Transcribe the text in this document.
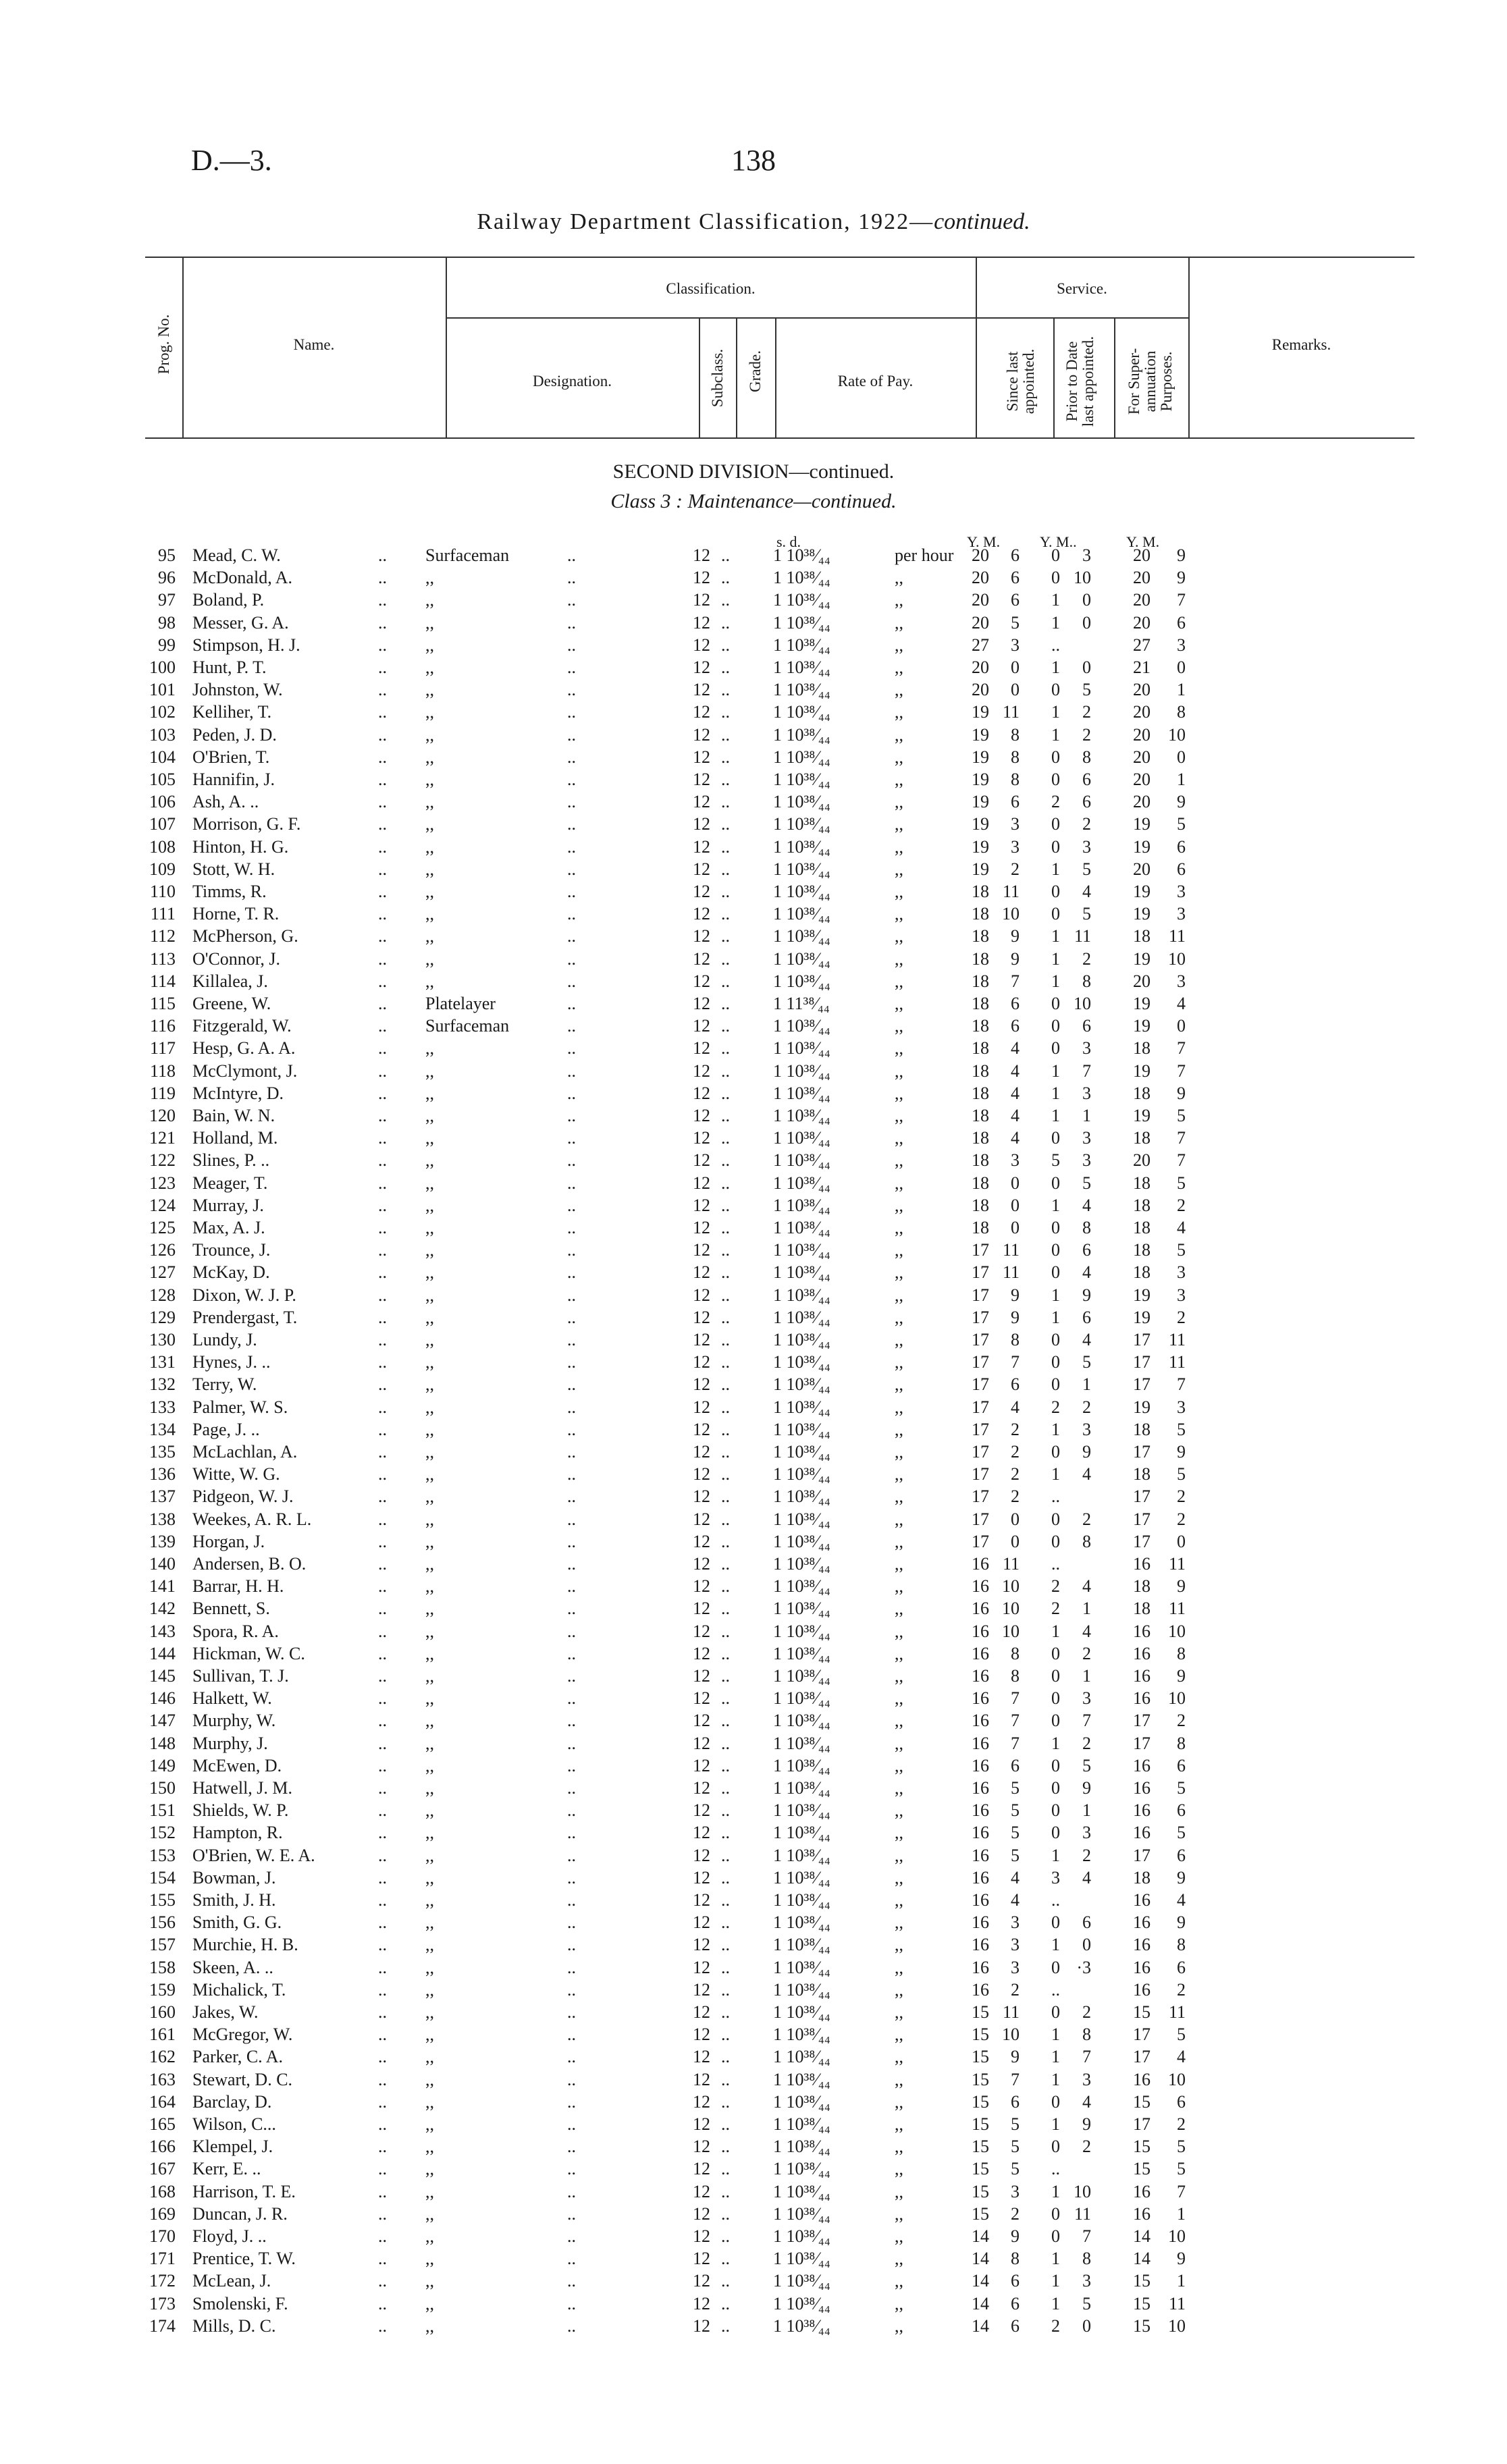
D.—3.	138
Railway Department Classification, 1922—continued.
Prog. No.	Name.
Classification.
Designation.	Subclass. Grade.	Rate of Pay.
Service.
Since last appointed. Prior to Date last appointed. For Super-annuation Purposes.
Remarks.
SECOND DIVISION—continued.
Class 3 : Maintenance—continued.
s. d.	Y. M.	Y. M..	Y. M.
95 Mead, C. W.	.. Surfaceman	..	12 .. 1 10³⁸⁄₄₄	per hour	20	6	0	3	20	9
96 McDonald, A.	.. ,,	..	12 .. 1 10³⁸⁄₄₄	,,	20	6	0 10	20	9
97 Boland, P.	.. ,,	..	12 .. 1 10³⁸⁄₄₄	,,	20	6	1	0	20	7
98 Messer, G. A.	.. ,,	..	12 .. 1 10³⁸⁄₄₄	,,	20	5	1	0	20	6
99 Stimpson, H. J.	.. ,,	..	12 .. 1 10³⁸⁄₄₄	,,	27	3	..	27	3
100 Hunt, P. T.	.. ,,	..	12 .. 1 10³⁸⁄₄₄	,,	20	0	1	0	21	0
101 Johnston, W.	.. ,,	..	12 .. 1 10³⁸⁄₄₄	,,	20	0	0	5	20	1
102 Kelliher, T.	.. ,,	..	12 .. 1 10³⁸⁄₄₄	,,	19 11	1	2	20	8
103 Peden, J. D.	.. ,,	..	12 .. 1 10³⁸⁄₄₄	,,	19	8	1	2	20	10
104 O'Brien, T.	.. ,,	..	12 .. 1 10³⁸⁄₄₄	,,	19	8	0	8	20	0
105 Hannifin, J.	.. ,,	..	12 .. 1 10³⁸⁄₄₄	,,	19	8	0	6	20	1
106 Ash, A. ..	.. ,,	..	12 .. 1 10³⁸⁄₄₄	,,	19	6	2	6	20	9
107 Morrison, G. F.	.. ,,	..	12 .. 1 10³⁸⁄₄₄	,,	19	3	0	2	19	5
108 Hinton, H. G.	.. ,,	..	12 .. 1 10³⁸⁄₄₄	,,	19	3	0	3	19	6
109 Stott, W. H.	.. ,,	..	12 .. 1 10³⁸⁄₄₄	,,	19	2	1	5	20	6
110 Timms, R.	.. ,,	..	12 .. 1 10³⁸⁄₄₄	,,	18 11	0	4	19	3
111 Horne, T. R.	.. ,,	..	12 .. 1 10³⁸⁄₄₄	,,	18 10	0	5	19	3
112 McPherson, G.	.. ,,	..	12 .. 1 10³⁸⁄₄₄	,,	18	9	1 11	18	11
113 O'Connor, J.	.. ,,	..	12 .. 1 10³⁸⁄₄₄	,,	18	9	1	2	19	10
114 Killalea, J.	.. ,,	..	12 .. 1 10³⁸⁄₄₄	,,	18	7	1	8	20	3
115 Greene, W.	.. Platelayer	..	12 .. 1 11³⁸⁄₄₄	,,	18	6	0 10	19	4
116 Fitzgerald, W.	.. Surfaceman	..	12 .. 1 10³⁸⁄₄₄	,,	18	6	0	6	19	0
117 Hesp, G. A. A.	.. ,,	..	12 .. 1 10³⁸⁄₄₄	,,	18	4	0	3	18	7
118 McClymont, J.	.. ,,	..	12 .. 1 10³⁸⁄₄₄	,,	18	4	1	7	19	7
119 McIntyre, D.	.. ,,	..	12 .. 1 10³⁸⁄₄₄	,,	18	4	1	3	18	9
120 Bain, W. N.	.. ,,	..	12 .. 1 10³⁸⁄₄₄	,,	18	4	1	1	19	5
121 Holland, M.	.. ,,	..	12 .. 1 10³⁸⁄₄₄	,,	18	4	0	3	18	7
122 Slines, P. ..	.. ,,	..	12 .. 1 10³⁸⁄₄₄	,,	18	3	5	3	20	7
123 Meager, T.	.. ,,	..	12 .. 1 10³⁸⁄₄₄	,,	18	0	0	5	18	5
124 Murray, J.	.. ,,	..	12 .. 1 10³⁸⁄₄₄	,,	18	0	1	4	18	2
125 Max, A. J.	.. ,,	..	12 .. 1 10³⁸⁄₄₄	,,	18	0	0	8	18	4
126 Trounce, J.	.. ,,	..	12 .. 1 10³⁸⁄₄₄	,,	17 11	0	6	18	5
127 McKay, D.	.. ,,	..	12 .. 1 10³⁸⁄₄₄	,,	17 11	0	4	18	3
128 Dixon, W. J. P.	.. ,,	..	12 .. 1 10³⁸⁄₄₄	,,	17	9	1	9	19	3
129 Prendergast, T.	.. ,,	..	12 .. 1 10³⁸⁄₄₄	,,	17	9	1	6	19	2
130 Lundy, J.	.. ,,	..	12 .. 1 10³⁸⁄₄₄	,,	17	8	0	4	17	11
131 Hynes, J. ..	.. ,,	..	12 .. 1 10³⁸⁄₄₄	,,	17	7	0	5	17	11
132 Terry, W.	.. ,,	..	12 .. 1 10³⁸⁄₄₄	,,	17	6	0	1	17	7
133 Palmer, W. S.	.. ,,	..	12 .. 1 10³⁸⁄₄₄	,,	17	4	2	2	19	3
134 Page, J. ..	.. ,,	..	12 .. 1 10³⁸⁄₄₄	,,	17	2	1	3	18	5
135 McLachlan, A.	.. ,,	..	12 .. 1 10³⁸⁄₄₄	,,	17	2	0	9	17	9
136 Witte, W. G.	.. ,,	..	12 .. 1 10³⁸⁄₄₄	,,	17	2	1	4	18	5
137 Pidgeon, W. J.	.. ,,	..	12 .. 1 10³⁸⁄₄₄	,,	17	2	..	17	2
138 Weekes, A. R. L.	.. ,,	..	12 .. 1 10³⁸⁄₄₄	,,	17	0	0	2	17	2
139 Horgan, J.	.. ,,	..	12 .. 1 10³⁸⁄₄₄	,,	17	0	0	8	17	0
140 Andersen, B. O.	.. ,,	..	12 .. 1 10³⁸⁄₄₄	,,	16 11	..	16	11
141 Barrar, H. H.	.. ,,	..	12 .. 1 10³⁸⁄₄₄	,,	16 10	2	4	18	9
142 Bennett, S.	.. ,,	..	12 .. 1 10³⁸⁄₄₄	,,	16 10	2	1	18	11
143 Spora, R. A.	.. ,,	..	12 .. 1 10³⁸⁄₄₄	,,	16 10	1	4	16	10
144 Hickman, W. C.	.. ,,	..	12 .. 1 10³⁸⁄₄₄	,,	16	8	0	2	16	8
145 Sullivan, T. J.	.. ,,	..	12 .. 1 10³⁸⁄₄₄	,,	16	8	0	1	16	9
146 Halkett, W.	.. ,,	..	12 .. 1 10³⁸⁄₄₄	,,	16	7	0	3	16	10
147 Murphy, W.	.. ,,	..	12 .. 1 10³⁸⁄₄₄	,,	16	7	0	7	17	2
148 Murphy, J.	.. ,,	..	12 .. 1 10³⁸⁄₄₄	,,	16	7	1	2	17	8
149 McEwen, D.	.. ,,	..	12 .. 1 10³⁸⁄₄₄	,,	16	6	0	5	16	6
150 Hatwell, J. M.	.. ,,	..	12 .. 1 10³⁸⁄₄₄	,,	16	5	0	9	16	5
151 Shields, W. P.	.. ,,	..	12 .. 1 10³⁸⁄₄₄	,,	16	5	0	1	16	6
152 Hampton, R.	.. ,,	..	12 .. 1 10³⁸⁄₄₄	,,	16	5	0	3	16	5
153 O'Brien, W. E. A.	.. ,,	..	12 .. 1 10³⁸⁄₄₄	,,	16	5	1	2	17	6
154 Bowman, J.	.. ,,	..	12 .. 1 10³⁸⁄₄₄	,,	16	4	3	4	18	9
155 Smith, J. H.	.. ,,	..	12 .. 1 10³⁸⁄₄₄	,,	16	4	..	16	4
156 Smith, G. G.	.. ,,	..	12 .. 1 10³⁸⁄₄₄	,,	16	3	0	6	16	9
157 Murchie, H. B.	.. ,,	..	12 .. 1 10³⁸⁄₄₄	,,	16	3	1	0	16	8
158 Skeen, A. ..	.. ,,	..	12 .. 1 10³⁸⁄₄₄	,,	16	3	0 ·3	16	6
159 Michalick, T.	.. ,,	..	12 .. 1 10³⁸⁄₄₄	,,	16	2	..	16	2
160 Jakes, W.	.. ,,	..	12 .. 1 10³⁸⁄₄₄	,,	15 11	0	2	15	11
161 McGregor, W.	.. ,,	..	12 .. 1 10³⁸⁄₄₄	,,	15 10	1	8	17	5
162 Parker, C. A.	.. ,,	..	12 .. 1 10³⁸⁄₄₄	,,	15	9	1	7	17	4
163 Stewart, D. C.	.. ,,	..	12 .. 1 10³⁸⁄₄₄	,,	15	7	1	3	16	10
164 Barclay, D.	.. ,,	..	12 .. 1 10³⁸⁄₄₄	,,	15	6	0	4	15	6
165 Wilson, C...	.. ,,	..	12 .. 1 10³⁸⁄₄₄	,,	15	5	1	9	17	2
166 Klempel, J.	.. ,,	..	12 .. 1 10³⁸⁄₄₄	,,	15	5	0	2	15	5
167 Kerr, E. ..	.. ,,	..	12 .. 1 10³⁸⁄₄₄	,,	15	5	..	15	5
168 Harrison, T. E.	.. ,,	..	12 .. 1 10³⁸⁄₄₄	,,	15	3	1 10	16	7
169 Duncan, J. R.	.. ,,	..	12 .. 1 10³⁸⁄₄₄	,,	15	2	0 11	16	1
170 Floyd, J. ..	.. ,,	..	12 .. 1 10³⁸⁄₄₄	,,	14	9	0	7	14	10
171 Prentice, T. W.	.. ,,	..	12 .. 1 10³⁸⁄₄₄	,,	14	8	1	8	14	9
172 McLean, J.	.. ,,	..	12 .. 1 10³⁸⁄₄₄	,,	14	6	1	3	15	1
173 Smolenski, F.	.. ,,	..	12 .. 1 10³⁸⁄₄₄	,,	14	6	1	5	15	11
174 Mills, D. C.	.. ,,	..	12 .. 1 10³⁸⁄₄₄	,,	14	6	2	0	15	10
